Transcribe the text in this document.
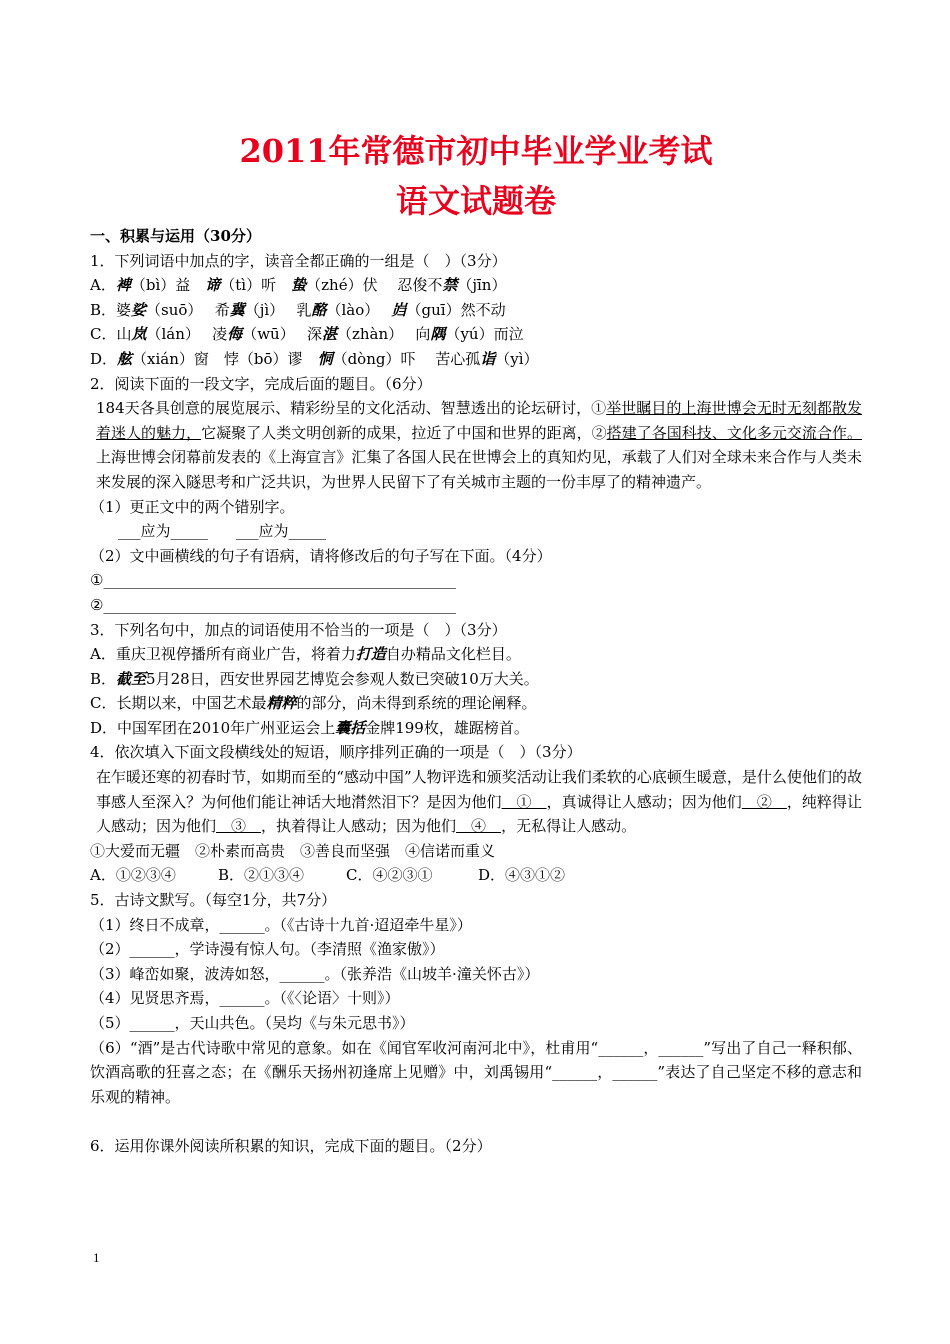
2011年常德市初中毕业学业考试
语文试题卷
一、积累与运用（30分）
1．下列词语中加点的字，读音全都正确的一组是（　）（3分）
A．裨（bì）益　谛（tì）听　蛰（zhé）伏　 忍俊不禁（jīn）
B．婆娑（suō）　 希冀（jì）　 乳酪（lào）　 岿（guī）然不动
C．山岚（lán）　 凌侮（wū）　 深湛（zhàn）　 向隅（yú）而泣
D．舷（xián）窗　悖（bō）谬　恫（dòng）吓　 苦心孤诣（yì）
2．阅读下面的一段文字，完成后面的题目。（6分）
184天各具创意的展览展示、精彩纷呈的文化活动、智慧透出的论坛研讨，①举世瞩目的上海世博会无时无刻都散发着迷人的魅力，它凝聚了人类文明创新的成果，拉近了中国和世界的距离，②搭建了各国科技、文化多元交流合作。上海世博会闭幕前发表的《上海宣言》汇集了各国人民在世博会上的真知灼见，承载了人们对全球未来合作与人类未来发展的深入隧思考和广泛共识，为世界人民留下了有关城市主题的一份丰厚了的精神遗产。
（1）更正文中的两个错别字。
___应为_____ ___应为_____
（2）文中画横线的句子有语病，请将修改后的句子写在下面。（4分）
①_______________________________________________
②_______________________________________________
3．下列名句中，加点的词语使用不恰当的一项是（　）（3分）
A．重庆卫视停播所有商业广告，将着力打造自办精品文化栏目。
B．截至5月28日，西安世界园艺博览会参观人数已突破10万大关。
C．长期以来，中国艺术最精粹的部分，尚未得到系统的理论阐释。
D．中国军团在2010年广州亚运会上囊括金牌199枚，雄踞榜首。
4．依次填入下面文段横线处的短语，顺序排列正确的一项是（　）（3分）
在乍暖还寒的初春时节，如期而至的“感动中国”人物评选和颁奖活动让我们柔软的心底顿生暖意，是什么使他们的故事感人至深入？为何他们能让神话大地潸然泪下？是因为他们　①　，真诚得让人感动；因为他们　②　，纯粹得让人感动；因为他们　③　，执着得让人感动；因为他们　④　，无私得让人感动。
①大爱而无疆　②朴素而高贵　③善良而坚强　④信诺而重义
A．①②③④	B．②①③④	C．④②③①	D．④③①②
5．古诗文默写。（每空1分，共7分）
（1）终日不成章，______。（《古诗十九首·迢迢牵牛星》）
（2）______，学诗漫有惊人句。（李清照《渔家傲》）
（3）峰峦如聚，波涛如怒，______。（张养浩《山坡羊·潼关怀古》）
（4）见贤思齐焉，______。（《〈论语〉十则》）
（5）______，天山共色。（吴均《与朱元思书》）
（6）“酒”是古代诗歌中常见的意象。如在《闻官军收河南河北中》，杜甫用“______，______”写出了自己一释积郁、饮酒高歌的狂喜之态；在《酬乐天扬州初逢席上见赠》中，刘禹锡用“______，______”表达了自己坚定不移的意志和乐观的精神。
6．运用你课外阅读所积累的知识，完成下面的题目。（2分）
1
